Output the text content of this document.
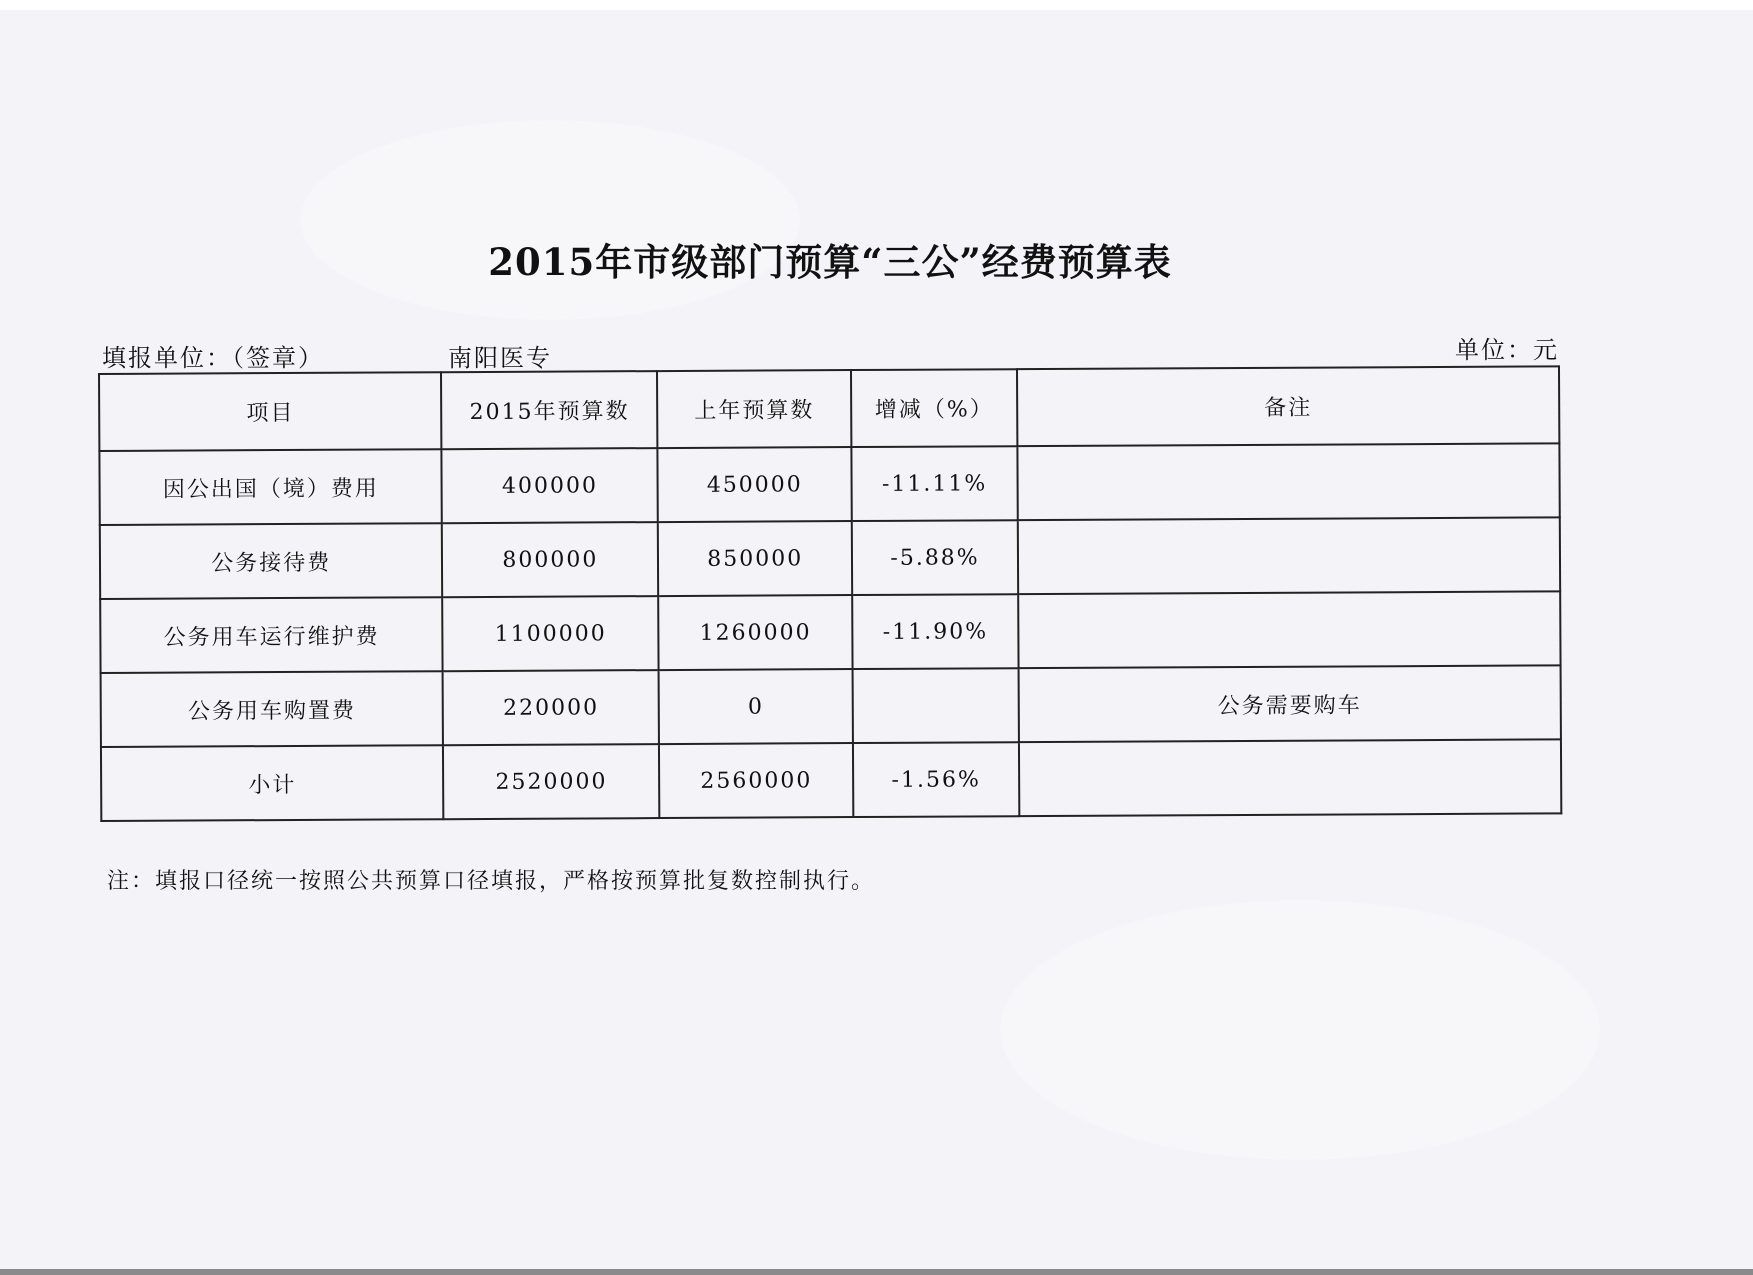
2015年市级部门预算“三公”经费预算表
填报单位：（签章）	南阳医专	单位：元
项目	2015年预算数	上年预算数	增减（%）	备注
因公出国（境）费用	400000	450000	-11.11%	
公务接待费	800000	850000	-5.88%	
公务用车运行维护费	1100000	1260000	-11.90%	
公务用车购置费	220000	0		公务需要购车
小计	2520000	2560000	-1.56%	
注：填报口径统一按照公共预算口径填报，严格按预算批复数控制执行。
